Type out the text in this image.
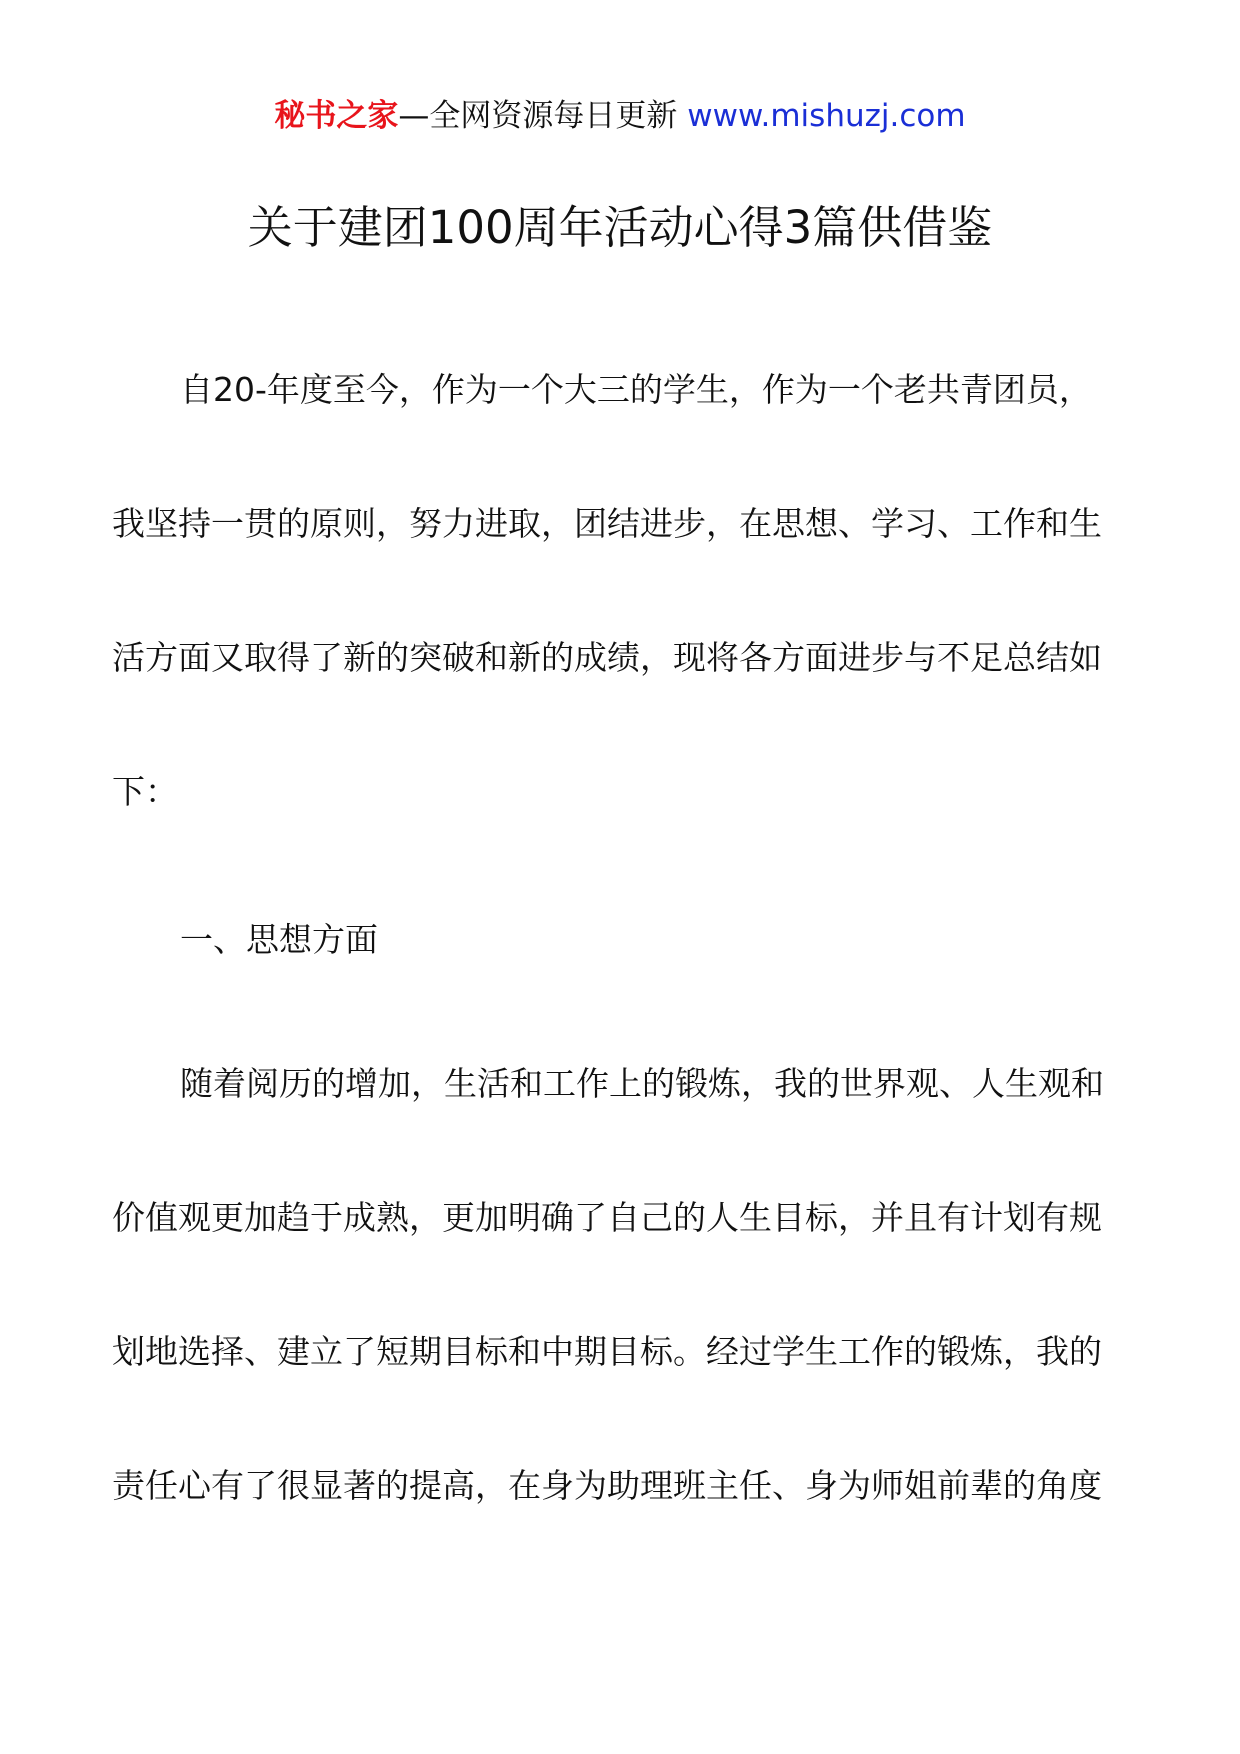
秘书之家—全网资源每日更新 www.mishuzj.com
关于建团100周年活动心得3篇供借鉴
自20-年度至今，作为一个大三的学生，作为一个老共青团员，
我坚持一贯的原则，努力进取，团结进步，在思想、学习、工作和生
活方面又取得了新的突破和新的成绩，现将各方面进步与不足总结如
下：
一、思想方面
随着阅历的增加，生活和工作上的锻炼，我的世界观、人生观和
价值观更加趋于成熟，更加明确了自己的人生目标，并且有计划有规
划地选择、建立了短期目标和中期目标。经过学生工作的锻炼，我的
责任心有了很显著的提高，在身为助理班主任、身为师姐前辈的角度
